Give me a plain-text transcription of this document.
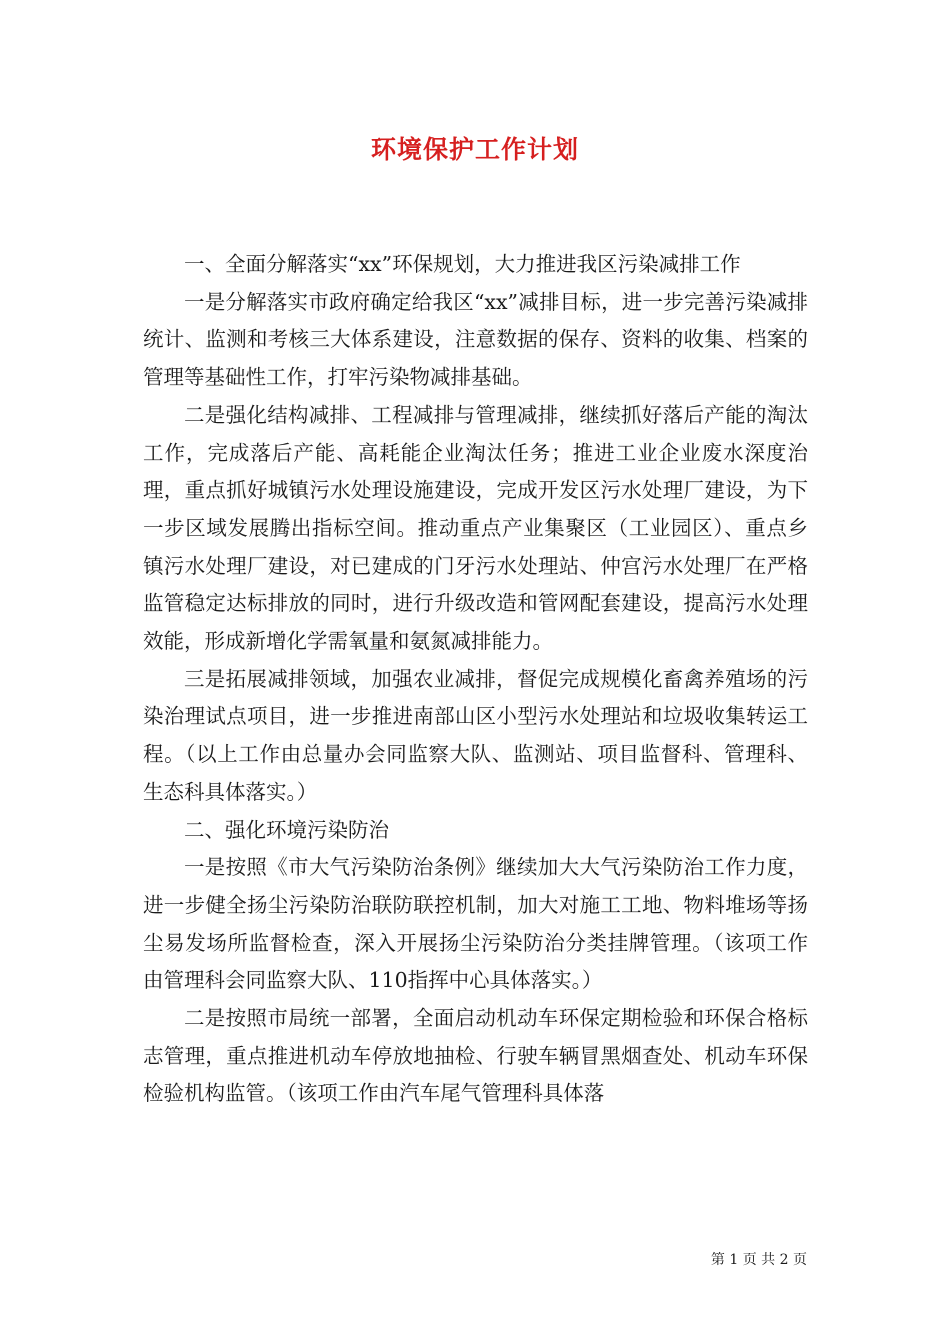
环境保护工作计划

一、全面分解落实“xx”环保规划，大力推进我区污染减排工作

一是分解落实市政府确定给我区“xx”减排目标，进一步完善污染减排统计、监测和考核三大体系建设，注意数据的保存、资料的收集、档案的管理等基础性工作，打牢污染物减排基础。

二是强化结构减排、工程减排与管理减排，继续抓好落后产能的淘汰工作，完成落后产能、高耗能企业淘汰任务；推进工业企业废水深度治理，重点抓好城镇污水处理设施建设，完成开发区污水处理厂建设，为下一步区域发展腾出指标空间。推动重点产业集聚区（工业园区）、重点乡镇污水处理厂建设，对已建成的门牙污水处理站、仲宫污水处理厂在严格监管稳定达标排放的同时，进行升级改造和管网配套建设，提高污水处理效能，形成新增化学需氧量和氨氮减排能力。

三是拓展减排领域，加强农业减排，督促完成规模化畜禽养殖场的污染治理试点项目，进一步推进南部山区小型污水处理站和垃圾收集转运工程。（以上工作由总量办会同监察大队、监测站、项目监督科、管理科、生态科具体落实。）

二、强化环境污染防治

一是按照《市大气污染防治条例》继续加大大气污染防治工作力度，进一步健全扬尘污染防治联防联控机制，加大对施工工地、物料堆场等扬尘易发场所监督检查，深入开展扬尘污染防治分类挂牌管理。（该项工作由管理科会同监察大队、110指挥中心具体落实。）

二是按照市局统一部署，全面启动机动车环保定期检验和环保合格标志管理，重点推进机动车停放地抽检、行驶车辆冒黑烟查处、机动车环保检验机构监管。（该项工作由汽车尾气管理科具体落

第 1 页 共 2 页
